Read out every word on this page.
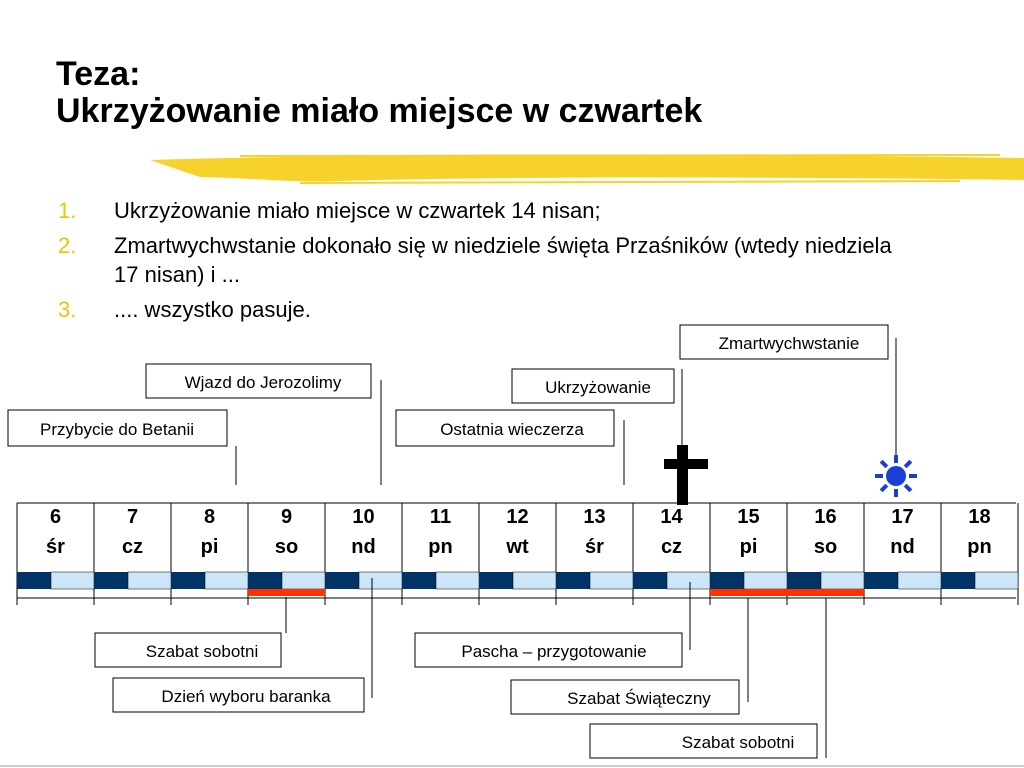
Teza:
Ukrzyżowanie miało miejsce w czwartek
1. Ukrzyżowanie miało miejsce w czwartek 14 nisan;
2. Zmartwychwstanie dokonało się w niedziele święta Przaśników (wtedy niedziela 17 nisan) i ...
3. .... wszystko pasuje.
6
śr
7
cz
8
pi
9
so
10
nd
11
pn
12
wt
13
śr
14
cz
15
pi
16
so
17
nd
18
pn
Przybycie do Betanii
Wjazd do Jerozolimy
Ostatnia wieczerza
Ukrzyżowanie
Zmartwychwstanie
Szabat sobotni
Dzień wyboru baranka
Pascha – przygotowanie
Szabat Świąteczny
Szabat sobotni
